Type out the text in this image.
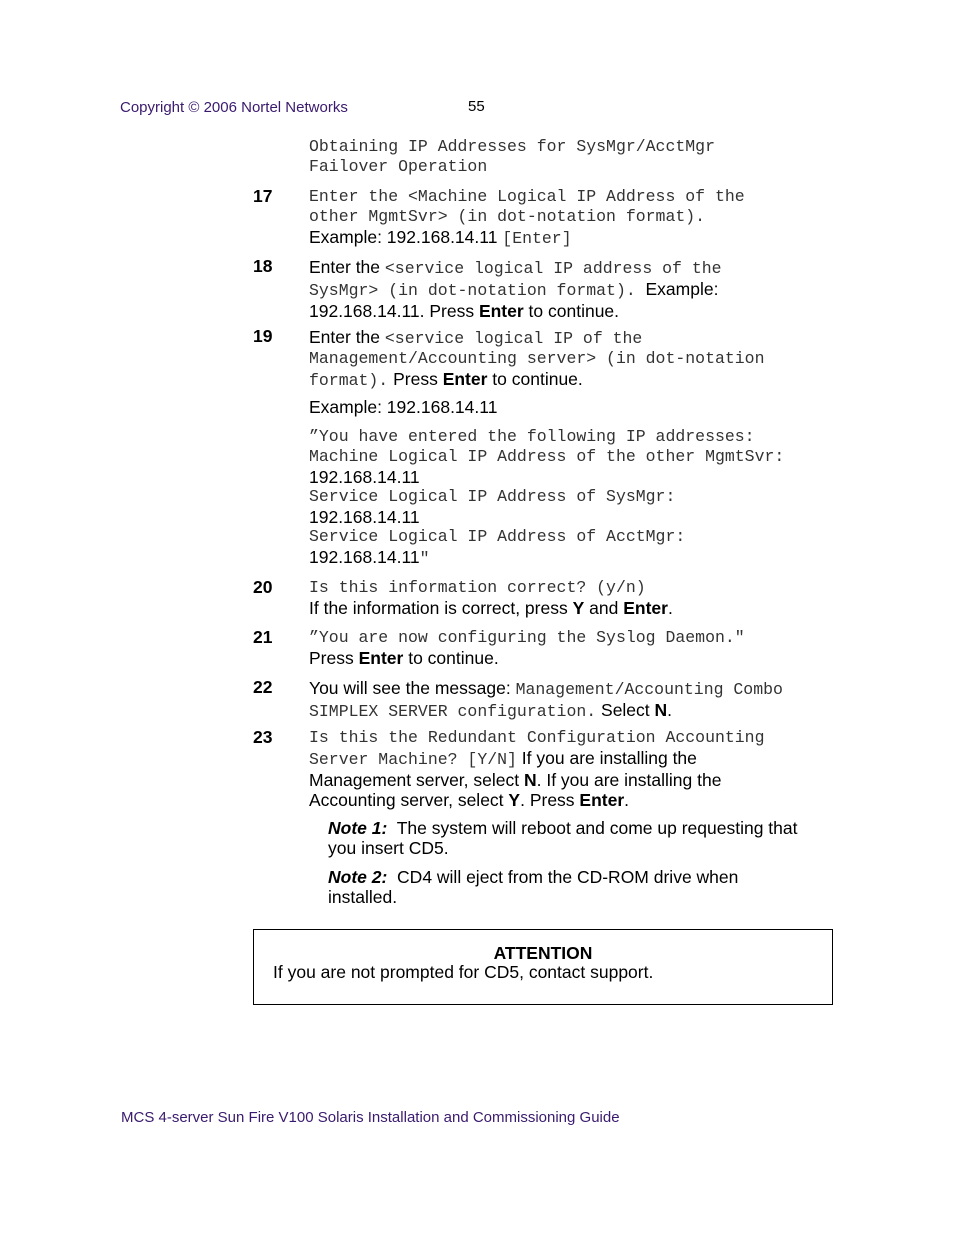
Copyright © 2006 Nortel Networks	55
Obtaining IP Addresses for SysMgr/AcctMgr
Failover Operation
17 Enter the <Machine Logical IP Address of the
other MgmtSvr> (in dot-notation format).
Example: 192.168.14.11 [Enter]
18 Enter the <service logical IP address of the
SysMgr> (in dot-notation format).  Example:
192.168.14.11. Press Enter to continue.
19 Enter the <service logical IP of the
Management/Accounting server> (in dot-notation
format). Press Enter to continue.
Example: 192.168.14.11
”You have entered the following IP addresses:
Machine Logical IP Address of the other MgmtSvr:
192.168.14.11
Service Logical IP Address of SysMgr:
192.168.14.11
Service Logical IP Address of AcctMgr:
192.168.14.11"
20 Is this information correct? (y/n)
If the information is correct, press Y and Enter.
21 ”You are now configuring the Syslog Daemon."
Press Enter to continue.
22 You will see the message: Management/Accounting Combo
SIMPLEX SERVER configuration. Select N.
23 Is this the Redundant Configuration Accounting
Server Machine? [Y/N] If you are installing the
Management server, select N. If you are installing the
Accounting server, select Y. Press Enter.
Note 1:  The system will reboot and come up requesting that
you insert CD5.
Note 2:  CD4 will eject from the CD-ROM drive when
installed.
ATTENTION
If you are not prompted for CD5, contact support.
MCS 4-server Sun Fire V100 Solaris Installation and Commissioning Guide
